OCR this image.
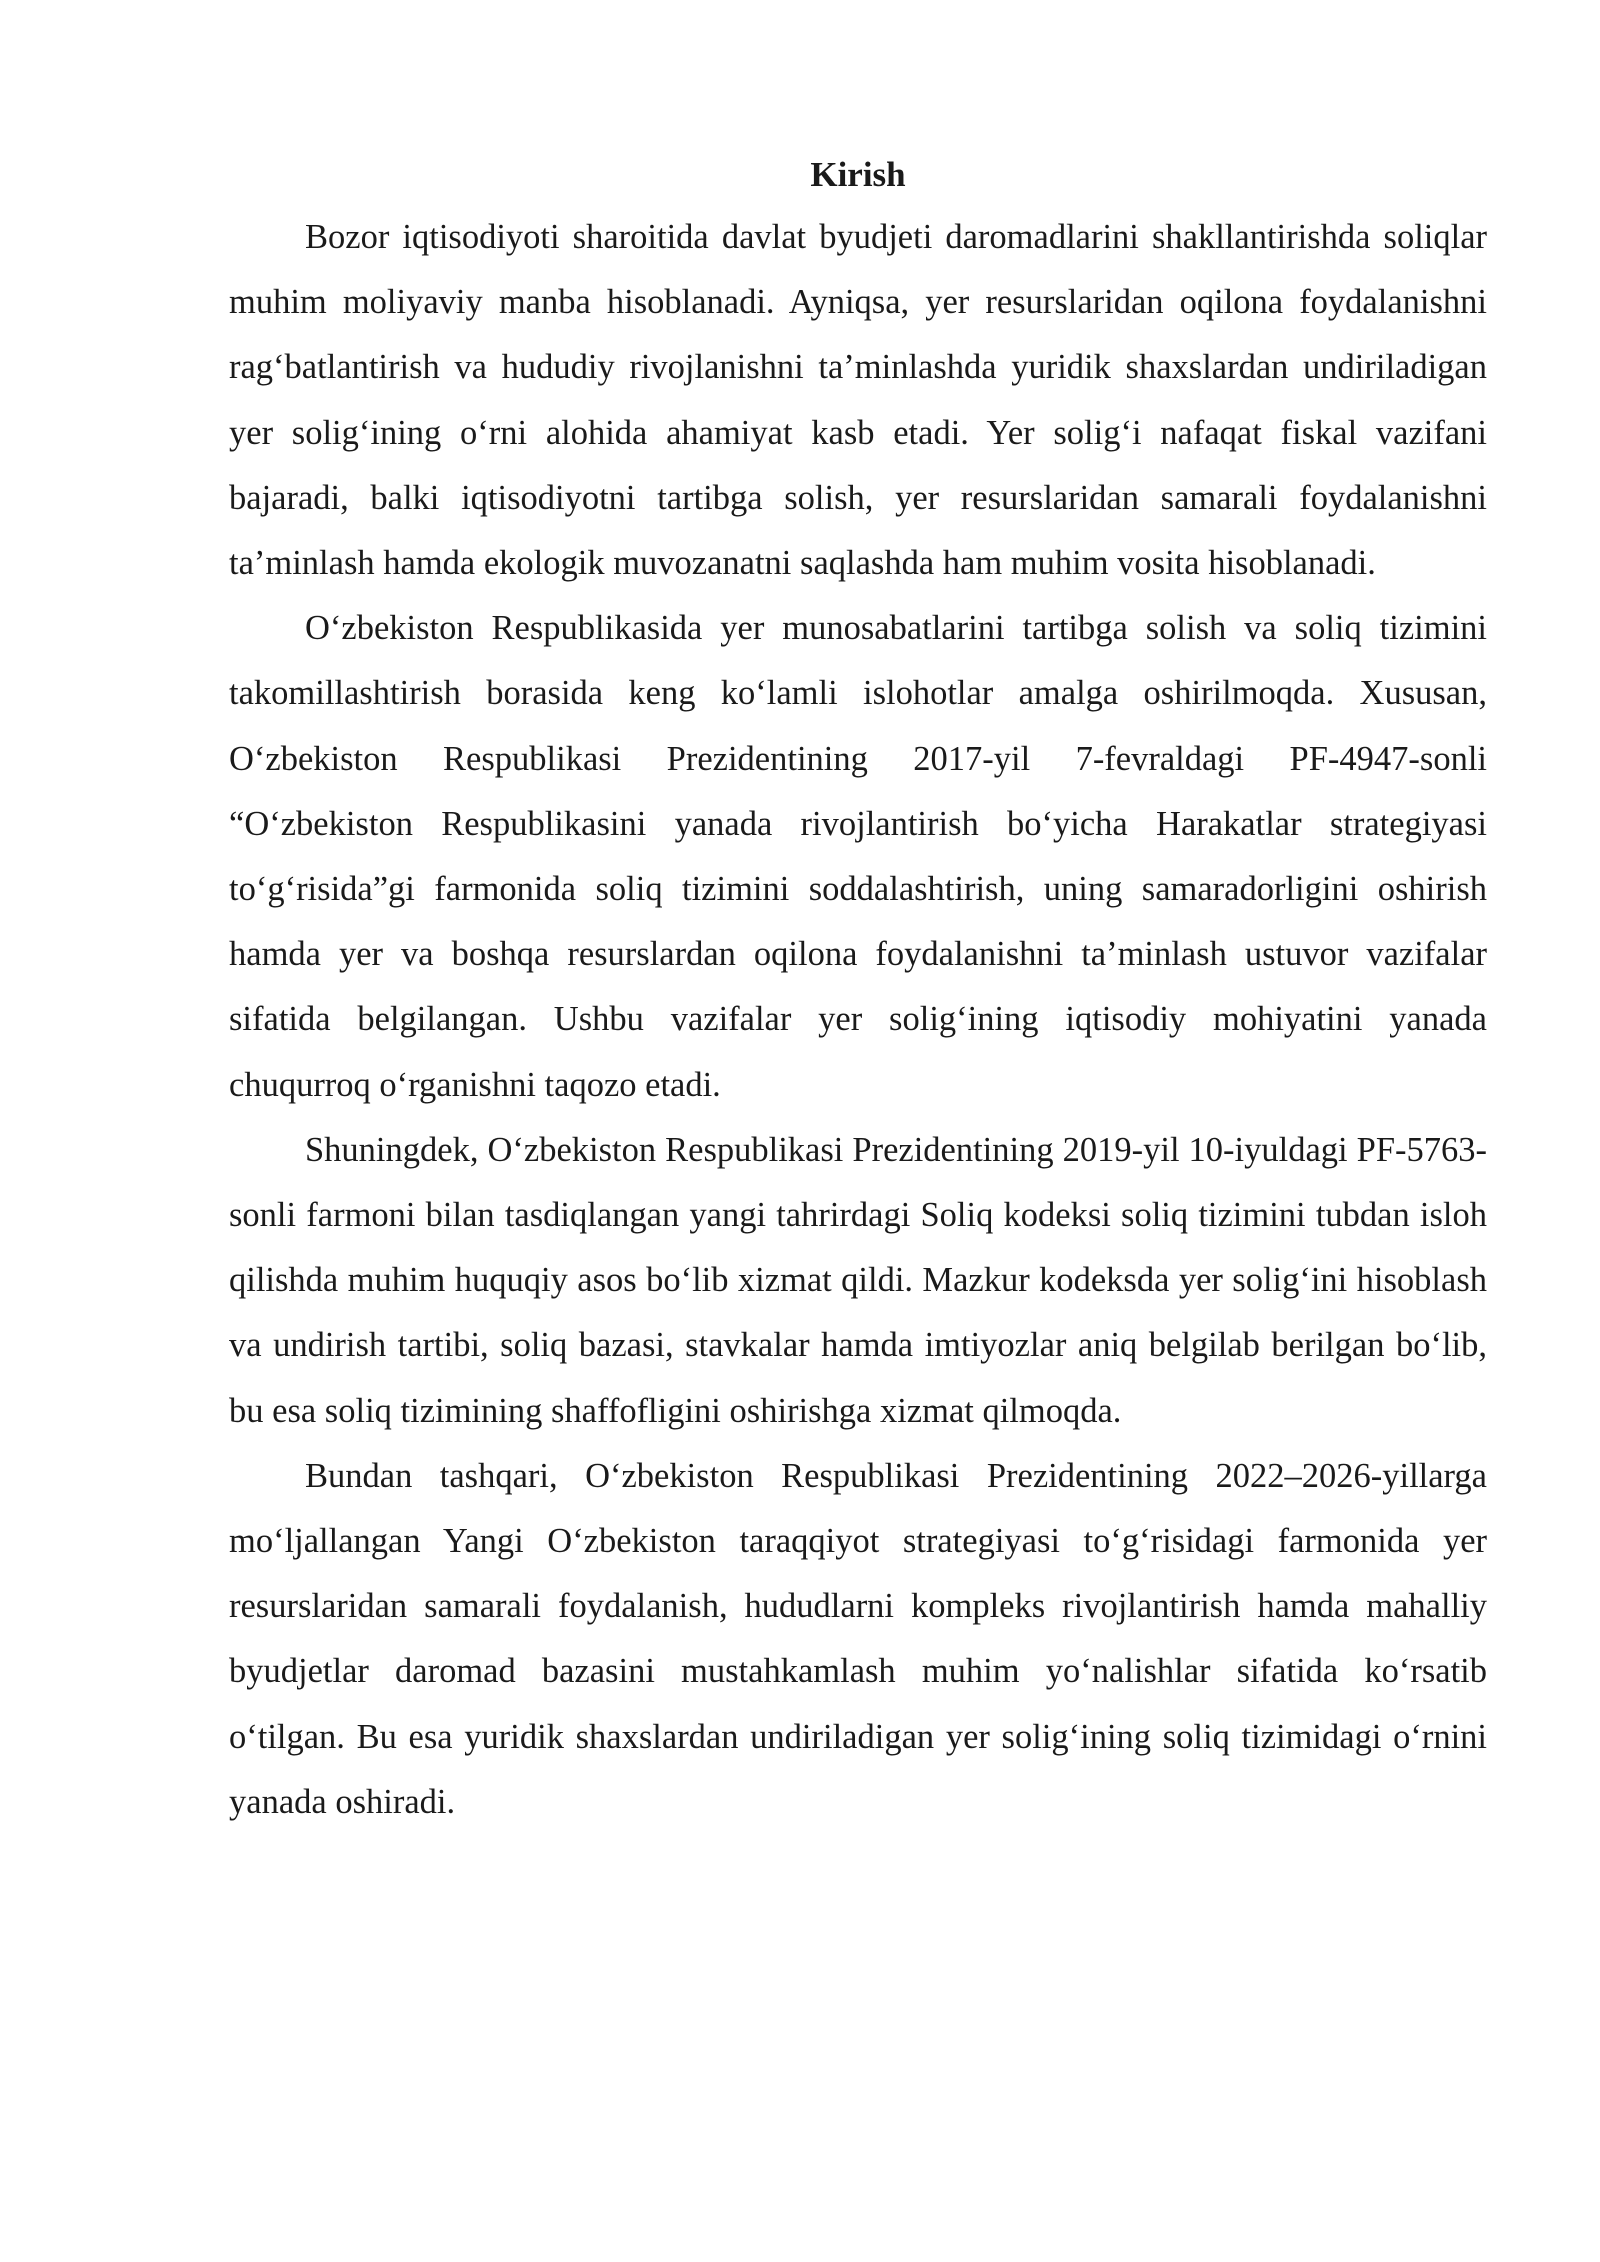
Kirish

Bozor iqtisodiyoti sharoitida davlat byudjeti daromadlarini shakllantirishda soliqlar muhim moliyaviy manba hisoblanadi. Ayniqsa, yer resurslaridan oqilona foydalanishni rag‘batlantirish va hududiy rivojlanishni ta’minlashda yuridik shaxslardan undiriladigan yer solig‘ining o‘rni alohida ahamiyat kasb etadi. Yer solig‘i nafaqat fiskal vazifani bajaradi, balki iqtisodiyotni tartibga solish, yer resurslaridan samarali foydalanishni ta’minlash hamda ekologik muvozanatni saqlashda ham muhim vosita hisoblanadi.

O‘zbekiston Respublikasida yer munosabatlarini tartibga solish va soliq tizimini takomillashtirish borasida keng ko‘lamli islohotlar amalga oshirilmoqda. Xususan, O‘zbekiston Respublikasi Prezidentining 2017-yil 7-fevraldagi PF-4947-sonli “O‘zbekiston Respublikasini yanada rivojlantirish bo‘yicha Harakatlar strategiyasi to‘g‘risida”gi farmonida soliq tizimini soddalashtirish, uning samaradorligini oshirish hamda yer va boshqa resurslardan oqilona foydalanishni ta’minlash ustuvor vazifalar sifatida belgilangan. Ushbu vazifalar yer solig‘ining iqtisodiy mohiyatini yanada chuqurroq o‘rganishni taqozo etadi.

Shuningdek, O‘zbekiston Respublikasi Prezidentining 2019-yil 10-iyuldagi PF-5763-sonli farmoni bilan tasdiqlangan yangi tahrirdagi Soliq kodeksi soliq tizimini tubdan isloh qilishda muhim huquqiy asos bo‘lib xizmat qildi. Mazkur kodeksda yer solig‘ini hisoblash va undirish tartibi, soliq bazasi, stavkalar hamda imtiyozlar aniq belgilab berilgan bo‘lib, bu esa soliq tizimining shaffofligini oshirishga xizmat qilmoqda.

Bundan tashqari, O‘zbekiston Respublikasi Prezidentining 2022–2026-yillarga mo‘ljallangan Yangi O‘zbekiston taraqqiyot strategiyasi to‘g‘risidagi farmonida yer resurslaridan samarali foydalanish, hududlarni kompleks rivojlantirish hamda mahalliy byudjetlar daromad bazasini mustahkamlash muhim yo‘nalishlar sifatida ko‘rsatib o‘tilgan. Bu esa yuridik shaxslardan undiriladigan yer solig‘ining soliq tizimidagi o‘rnini yanada oshiradi.
